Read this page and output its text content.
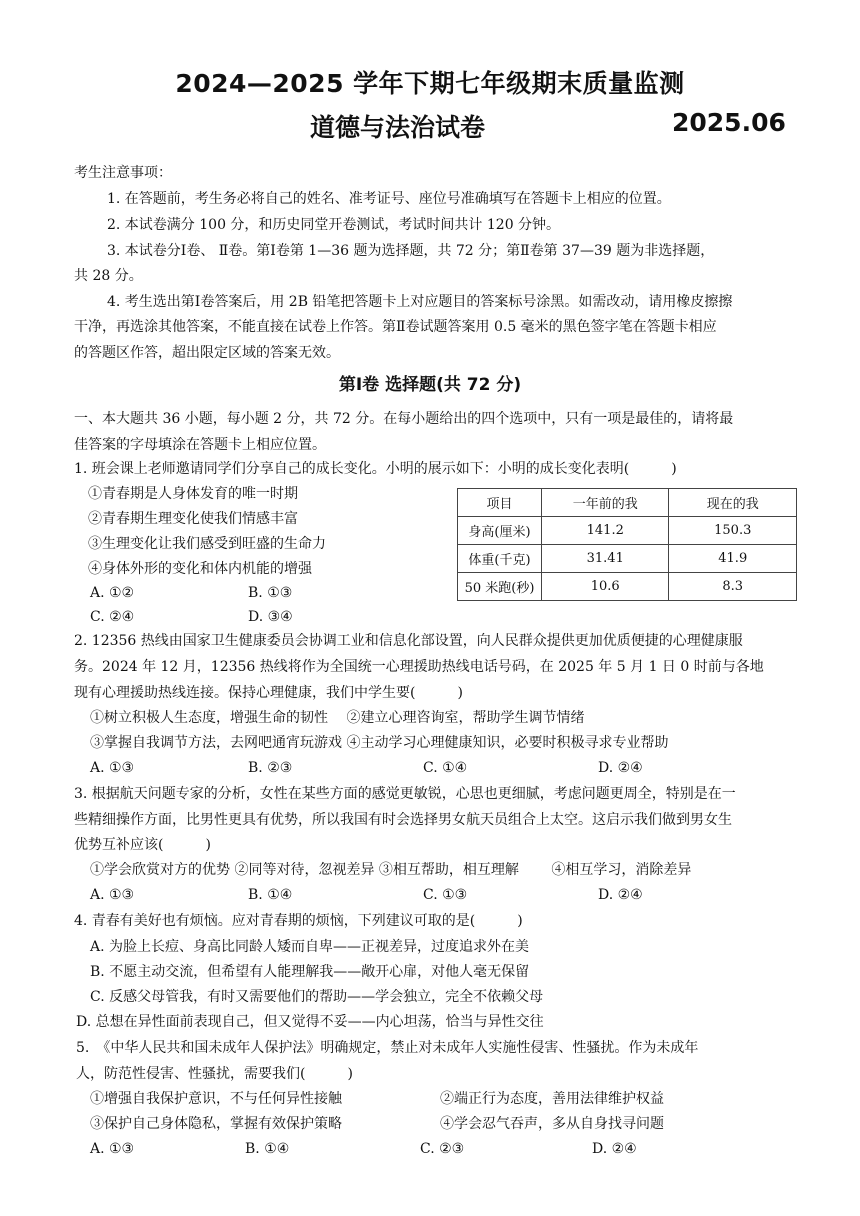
2024—2025 学年下期七年级期末质量监测
道德与法治试卷	2025.06
考生注意事项：
1. 在答题前，考生务必将自己的姓名、准考证号、座位号准确填写在答题卡上相应的位置。
2. 本试卷满分 100 分，和历史同堂开卷测试，考试时间共计 120 分钟。
3. 本试卷分Ⅰ卷、 Ⅱ卷。第Ⅰ卷第 1—36 题为选择题，共 72 分；第Ⅱ卷第 37—39 题为非选择题，
共 28 分。
4. 考生选出第Ⅰ卷答案后，用 2B 铅笔把答题卡上对应题目的答案标号涂黑。如需改动，请用橡皮擦擦
干净，再选涂其他答案，不能直接在试卷上作答。第Ⅱ卷试题答案用 0.5 毫米的黑色签字笔在答题卡相应
的答题区作答，超出限定区域的答案无效。
第Ⅰ卷 选择题(共 72 分)
一、本大题共 36 小题，每小题 2 分，共 72 分。在每小题给出的四个选项中，只有一项是最佳的，请将最
佳答案的字母填涂在答题卡上相应位置。
1. 班会课上老师邀请同学们分享自己的成长变化。小明的展示如下：小明的成长变化表明(　　　)
①青春期是人身体发育的唯一时期
②青春期生理变化使我们情感丰富
③生理变化让我们感受到旺盛的生命力
④身体外形的变化和体内机能的增强
A. ①②	B. ①③
C. ②④	D. ③④
项目	一年前的我	现在的我
身高(厘米)	141.2	150.3
体重(千克)	31.41	41.9
50 米跑(秒)	10.6	8.3
2. 12356 热线由国家卫生健康委员会协调工业和信息化部设置，向人民群众提供更加优质便捷的心理健康服
务。2024 年 12 月，12356 热线将作为全国统一心理援助热线电话号码，在 2025 年 5 月 1 日 0 时前与各地
现有心理援助热线连接。保持心理健康，我们中学生要(　　　)
①树立积极人生态度，增强生命的韧性　 ②建立心理咨询室，帮助学生调节情绪
③掌握自我调节方法，去网吧通宵玩游戏 ④主动学习心理健康知识，必要时积极寻求专业帮助
A. ①③	B. ②③	C. ①④	D. ②④
3. 根据航天问题专家的分析，女性在某些方面的感觉更敏锐，心思也更细腻，考虑问题更周全，特别是在一
些精细操作方面，比男性更具有优势，所以我国有时会选择男女航天员组合上太空。这启示我们做到男女生
优势互补应该(　　　)
①学会欣赏对方的优势 ②同等对待，忽视差异 ③相互帮助，相互理解　　 ④相互学习，消除差异
A. ①③	B. ①④	C. ①③	D. ②④
4. 青春有美好也有烦恼。应对青春期的烦恼，下列建议可取的是(　　　)
A. 为脸上长痘、身高比同龄人矮而自卑——正视差异，过度追求外在美
B. 不愿主动交流，但希望有人能理解我——敞开心扉，对他人毫无保留
C. 反感父母管我，有时又需要他们的帮助——学会独立，完全不依赖父母
D. 总想在异性面前表现自己，但又觉得不妥——内心坦荡，恰当与异性交往
5.　《中华人民共和国未成年人保护法》明确规定，禁止对未成年人实施性侵害、性骚扰。作为未成年
人，防范性侵害、性骚扰，需要我们(　　　)
①增强自我保护意识，不与任何异性接触	②端正行为态度，善用法律维护权益
③保护自己身体隐私，掌握有效保护策略	④学会忍气吞声，多从自身找寻问题
A. ①③	B. ①④	C. ②③	D. ②④
